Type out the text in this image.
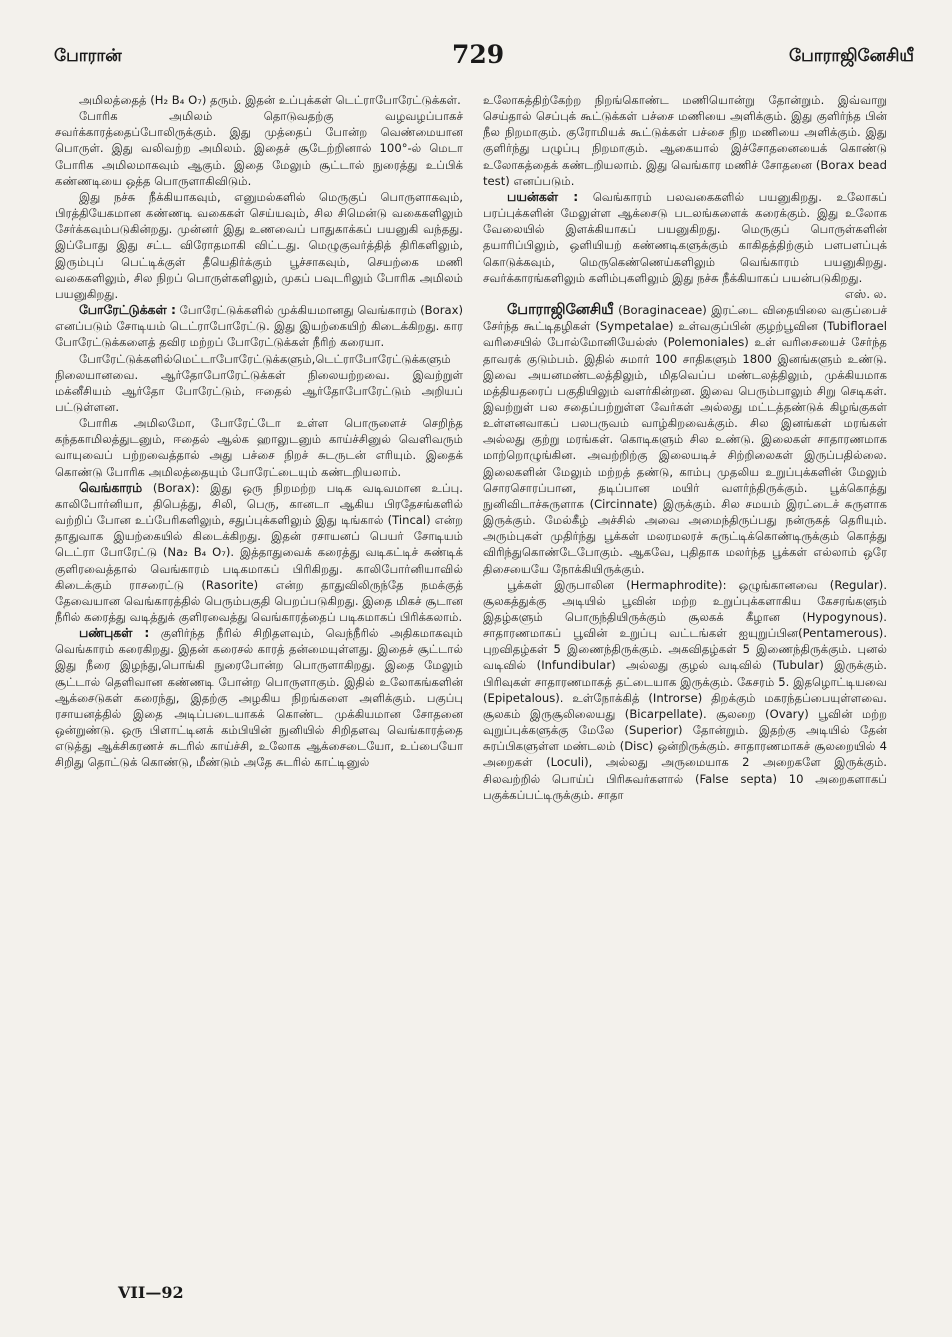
போரான்	729	போராஜினேசியீ

அமிலத்தைத் (H₂ B₄ O₇) தரும். இதன் உப்புக்கள் டெட்ராபோரேட்டுக்கள்.

போரிக அமிலம் தொடுவதற்கு வழவழப்பாகச் சவர்க்காரத்தைப்போலிருக்கும். இது முத்தைப் போன்ற வெண்மையான பொருள். இது வலிவற்ற அமிலம். இதைச் சூடேற்றினால் 100°-ல் மெடா போரிக அமிலமாகவும் ஆகும். இதை மேலும் சூட்டால் நுரைத்து உப்பிக் கண்ணடியை ஒத்த பொருளாகிவிடும்.

இது நச்சு நீக்கியாகவும், எனுமல்களில் மெருகுப் பொருளாகவும், பிரத்தியேகமான கண்ணடி வகைகள் செய்யவும், சில சிமென்டு வகைகளிலும் சேர்க்கவும்படுகின்றது. முன்னர் இது உணவைப் பாதுகாக்கப் பயனுகி வந்தது. இப்போது இது சட்ட விரோதமாகி விட்டது. மெழுகுவர்த்தித் திரிகளிலும், இரும்புப் பெட்டிக்குள் தீயெதிர்க்கும் பூச்சாகவும், செயற்கை மணி வகைகளிலும், சில நிறப் பொருள்களிலும், முகப் பவுடரிலும் போரிக அமிலம் பயனுகிறது.

போரேட்டுக்கள் : போரேட்டுக்களில் முக்கியமானது வெங்காரம் (Borax) எனப்படும் சோடியம் டெட்ராபோரேட்டு. இது இயற்கையிற் கிடைக்கிறது. கார போரேட்டுக்களைத் தவிர மற்றப் போரேட்டுக்கள் நீரிற் கரையா.

போரேட்டுக்களில்மெட்டாபோரேட்டுக்களும்,டெட்ராபோரேட்டுக்களும் நிலையானவை. ஆர்தோபோரேட்டுக்கள் நிலையற்றவை. இவற்றுள் மக்னீசியம் ஆர்தோ போரேட்டும், ஈதைல் ஆர்தோபோரேட்டும் அறியப் பட்டுள்ளன.

போரிக அமிலமோ, போரேட்டோ உள்ள பொருளைச் செறிந்த கந்தகாமிலத்துடனும், ஈதைல் ஆல்க ஹாலுடனும் காய்ச்சினுல் வெளிவரும் வாயுவைப் பற்றவைத்தால் அது பச்சை நிறச் சுடருடன் எரியும். இதைக் கொண்டு போரிக அமிலத்தையும் போரேட்டையும் கண்டறியலாம்.

வெங்காரம் (Borax): இது ஒரு நிறமற்ற படிக வடிவமான உப்பு. காலிபோர்னியா, திபெத்து, சிலி, பெரு, கானடா ஆகிய பிரதேசங்களில் வற்றிப் போன உப்பேரிகளிலும், சதுப்புக்களிலும் இது டிங்கால் (Tincal) என்ற தாதுவாக இயற்கையில் கிடைக்கிறது. இதன் ரசாயனப் பெயர் சோடியம் டெட்ரா போரேட்டு (Na₂ B₄ O₇). இத்தாதுவைக் கரைத்து வடிகட்டிச் சுண்டிக் குளிரவைத்தால் வெங்காரம் படிகமாகப் பிரிகிறது. காலிபோர்னியாவில் கிடைக்கும் ராசரைட்டு (Rasorite) என்ற தாதுவிலிருந்தே நமக்குத் தேவையான வெங்காரத்தில் பெரும்பகுதி பெறப்படுகிறது. இதை மிகச் சூடான நீரில் கரைத்து வடித்துக் குளிரவைத்து வெங்காரத்தைப் படிகமாகப் பிரிக்கலாம்.

பண்புகள் : குளிர்ந்த நீரில் சிறிதளவும், வெந்நீரில் அதிகமாகவும் வெங்காரம் கரைகிறது. இதன் கரைசல் காரத் தன்மையுள்ளது. இதைச் சூட்டால் இது நீரை இழந்து,பொங்கி நுரைபோன்ற பொருளாகிறது. இதை மேலும் சூட்டால் தெளிவான கண்ணடி போன்ற பொருளாகும். இதில் உலோகங்களின் ஆக்சைடுகள் கரைந்து, இதற்கு அழகிய நிறங்களை அளிக்கும். பகுப்பு ரசாயனத்தில் இதை அடிப்படையாகக் கொண்ட முக்கியமான சோதனை ஒன்றுண்டு. ஒரு பிளாட்டினக் கம்பியின் நுனியில் சிறிதளவு வெங்காரத்தை எடுத்து ஆக்சிகரணச் சுடரில் காய்ச்சி, உலோக ஆக்சைடையோ, உப்பையோ சிறிது தொட்டுக் கொண்டு, மீண்டும் அதே சுடரில் காட்டினுல்

உலோகத்திற்கேற்ற நிறங்கொண்ட மணியொன்று தோன்றும். இவ்வாறு செய்தால் செப்புக் கூட்டுக்கள் பச்சை மணியை அளிக்கும். இது குளிர்ந்த பின் நீல நிறமாகும். குரோமியக் கூட்டுக்கள் பச்சை நிற மணியை அளிக்கும். இது குளிர்ந்து பழுப்பு நிறமாகும். ஆகையால் இச்சோதனையைக் கொண்டு உலோகத்தைக் கண்டறியலாம். இது வெங்கார மணிச் சோதனை (Borax bead test) எனப்படும்.

பயன்கள் : வெங்காரம் பலவகைகளில் பயனுகிறது. உலோகப் பரப்புக்களின் மேலுள்ள ஆக்சைடு படலங்களைக் கரைக்கும். இது உலோக வேலையில் இளக்கியாகப் பயனுகிறது. மெருகுப் பொருள்களின் தயாரிப்பிலும், ஒளியியற் கண்ணடிகளுக்கும் காகிதத்திற்கும் பளபளப்புக் கொடுக்கவும், மெருகெண்ணெய்களிலும் வெங்காரம் பயனுகிறது. சவர்க்காரங்களிலும் களிம்புகளிலும் இது நச்சு நீக்கியாகப் பயன்படுகிறது.

எஸ். ல.

போராஜினேசியீ (Boraginaceae) இரட்டை விதையிலை வகுப்பைச் சேர்ந்த கூட்டிதழிகள் (Sympetalae) உள்வகுப்பின் குழற்பூவின (Tubiflorael வரிசையில் போல்மோனியேல்ஸ் (Polemoniales) உள் வரிசையைச் சேர்ந்த தாவரக் குடும்பம். இதில் சுமார் 100 சாதிகளும் 1800 இனங்களும் உண்டு. இவை அயனமண்டலத்திலும், மிதவெப்ப மண்டலத்திலும், முக்கியமாக மத்தியதரைப் பகுதியிலும் வளர்கின்றன. இவை பெரும்பாலும் சிறு செடிகள். இவற்றுள் பல சதைப்பற்றுள்ள வேர்கள் அல்லது மட்டத்தண்டுக் கிழங்குகள் உள்ளனவாகப் பலபருவம் வாழ்கிறவைக்கும். சில இனங்கள் மரங்கள் அல்லது குற்று மரங்கள். கொடிகளும் சில உண்டு. இலைகள் சாதாரணமாக மாற்றொழுங்கின. அவற்றிற்கு இலையடிச் சிற்றிலைகள் இருப்பதில்லை. இலைகளின் மேலும் மற்றத் தண்டு, காம்பு முதலிய உறுப்புக்களின் மேலும் சொரசொரப்பான, தடிப்பான மயிர் வளர்ந்திருக்கும். பூக்கொத்து நுனிவிடாச்சுருளாக (Circinnate) இருக்கும். சில சமயம் இரட்டைச் சுருளாக இருக்கும். மேல்கீழ் அச்சில் அவை அமைந்திருப்பது நன்ருகத் தெரியும். அரும்புகள் முதிர்ந்து பூக்கள் மலரமலரச் சுருட்டிக்கொண்டிருக்கும் கொத்து விரிந்துகொண்டேபோகும். ஆகவே, புதிதாக மலர்ந்த பூக்கள் எல்லாம் ஒரே திசையையே நோக்கியிருக்கும்.

பூக்கள் இருபாலின (Hermaphrodite): ஒழுங்கானவை (Regular). சூலகத்துக்கு அடியில் பூவின் மற்ற உறுப்புக்களாகிய கேசரங்களும் இதழ்களும் பொருந்தியிருக்கும் சூலகக் கீழான (Hypogynous). சாதாரணமாகப் பூவின் உறுப்பு வட்டங்கள் ஐயுறுப்பின(Pentamerous). புறவிதழ்கள் 5 இணைந்திருக்கும். அகவிதழ்கள் 5 இணைந்திருக்கும். புனல் வடிவில் (Infundibular) அல்லது குழல் வடிவில் (Tubular) இருக்கும். பிரிவுகள் சாதாரணமாகத் தட்டையாக இருக்கும். கேசரம் 5. இதழொட்டியவை (Epipetalous). உள்நோக்கித் (Introrse) திறக்கும் மகரந்தப்பையுள்ளவை. சூலகம் இருசூலிலையது (Bicarpellate). சூலறை (Ovary) பூவின் மற்ற வுறுப்புக்களுக்கு மேலே (Superior) தோன்றும். இதற்கு அடியில் தேன் சுரப்பிகளுள்ள மண்டலம் (Disc) ஒன்றிருக்கும். சாதாரணமாகச் சூலறையில் 4 அறைகள் (Loculi), அல்லது அருமையாக 2 அறைகளே இருக்கும். சிலவற்றில் பொய்ப் பிரிசுவர்களால் (False septa) 10 அறைகளாகப் பகுக்கப்பட்டிருக்கும். சாதா

VII—92
